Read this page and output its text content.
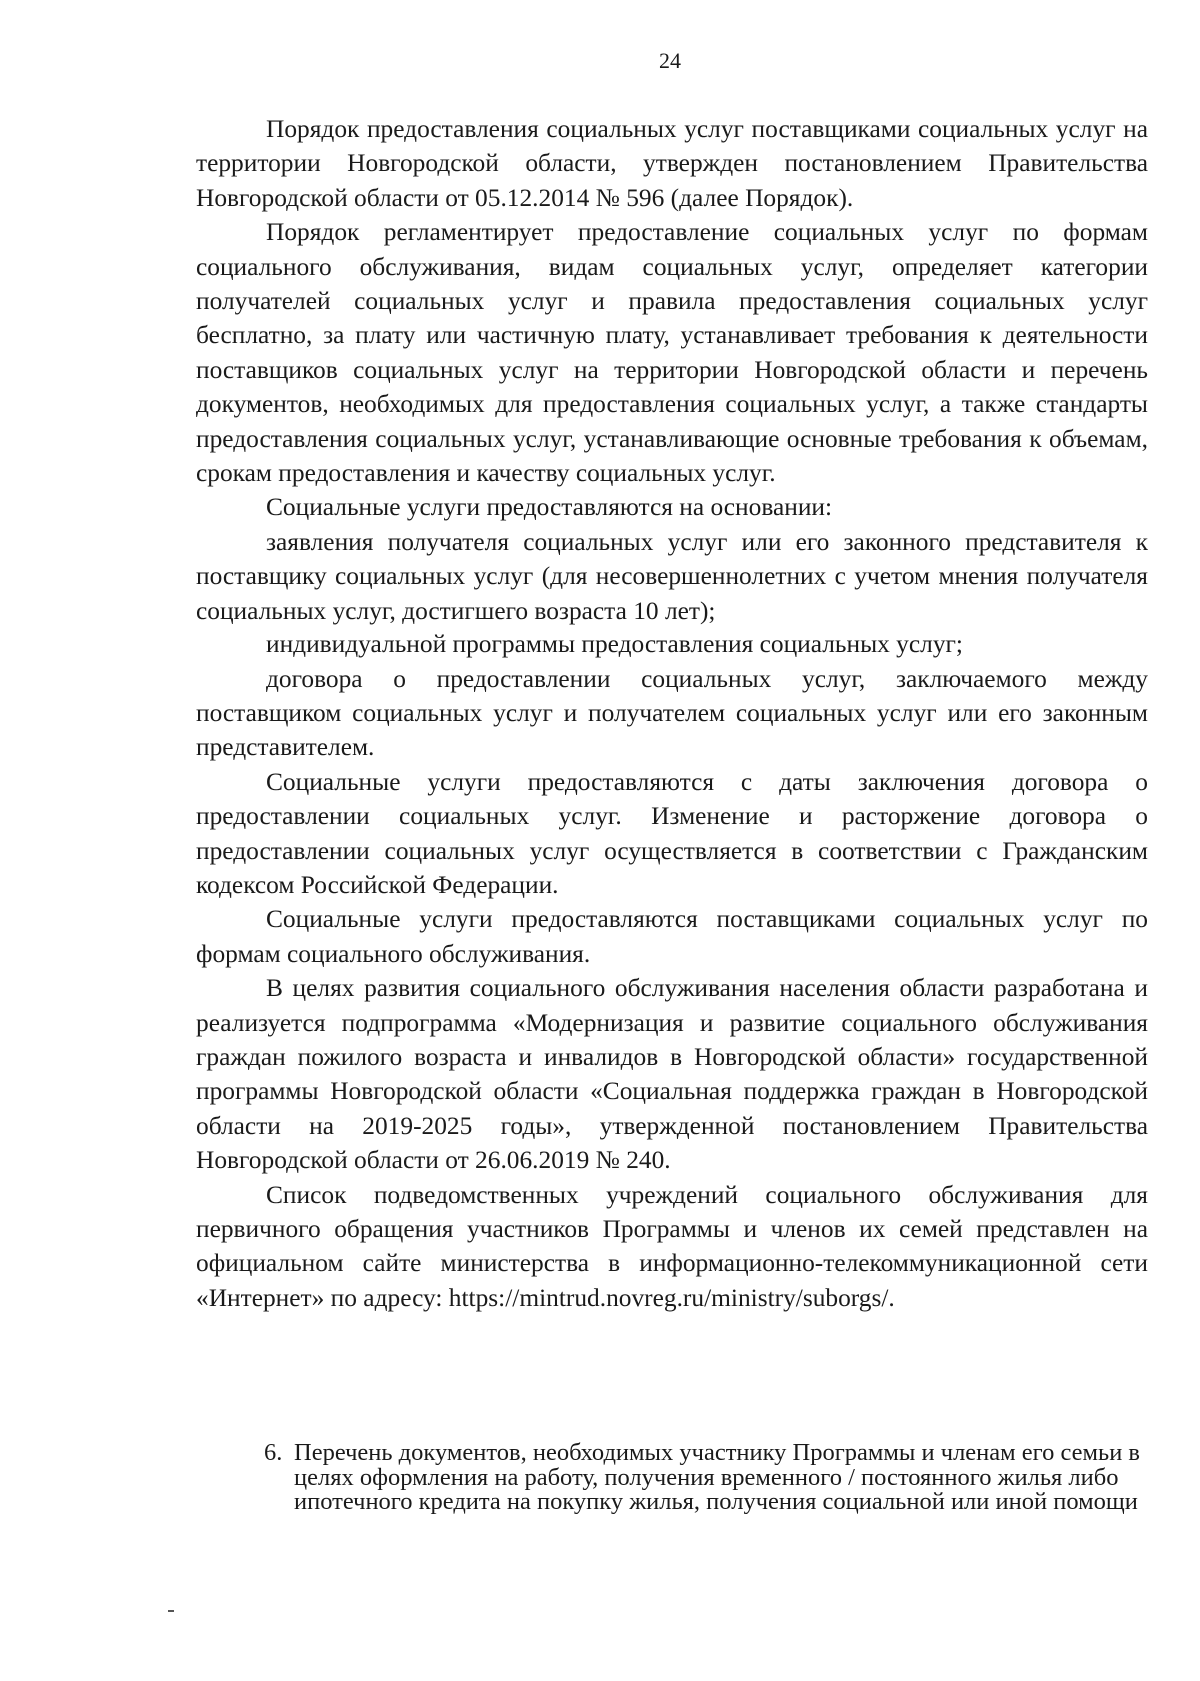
24

Порядок предоставления социальных услуг поставщиками социальных услуг на территории Новгородской области, утвержден постановлением Правительства Новгородской области от 05.12.2014 № 596 (далее Порядок).

Порядок регламентирует предоставление социальных услуг по формам социального обслуживания, видам социальных услуг, определяет категории получателей социальных услуг и правила предоставления социальных услуг бесплатно, за плату или частичную плату, устанавливает требования к деятельности поставщиков социальных услуг на территории Новгородской области и перечень документов, необходимых для предоставления социальных услуг, а также стандарты предоставления социальных услуг, устанавливающие основные требования к объемам, срокам предоставления и качеству социальных услуг.

Социальные услуги предоставляются на основании:

заявления получателя социальных услуг или его законного представителя к поставщику социальных услуг (для несовершеннолетних с учетом мнения получателя социальных услуг, достигшего возраста 10 лет);

индивидуальной программы предоставления социальных услуг;

договора о предоставлении социальных услуг, заключаемого между поставщиком социальных услуг и получателем социальных услуг или его законным представителем.

Социальные услуги предоставляются с даты заключения договора о предоставлении социальных услуг. Изменение и расторжение договора о предоставлении социальных услуг осуществляется в соответствии с Гражданским кодексом Российской Федерации.

Социальные услуги предоставляются поставщиками социальных услуг по формам социального обслуживания.

В целях развития социального обслуживания населения области разработана и реализуется подпрограмма «Модернизация и развитие социального обслуживания граждан пожилого возраста и инвалидов в Новгородской области» государственной программы Новгородской области «Социальная поддержка граждан в Новгородской области на 2019-2025 годы», утвержденной постановлением Правительства Новгородской области от 26.06.2019 № 240.

Список подведомственных учреждений социального обслуживания для первичного обращения участников Программы и членов их семей представлен на официальном сайте министерства в информационно-телекоммуникационной сети «Интернет» по адресу: https://mintrud.novreg.ru/ministry/suborgs/.

6. Перечень документов, необходимых участнику Программы и членам его семьи в целях оформления на работу, получения временного / постоянного жилья либо ипотечного кредита на покупку жилья, получения социальной или иной помощи
